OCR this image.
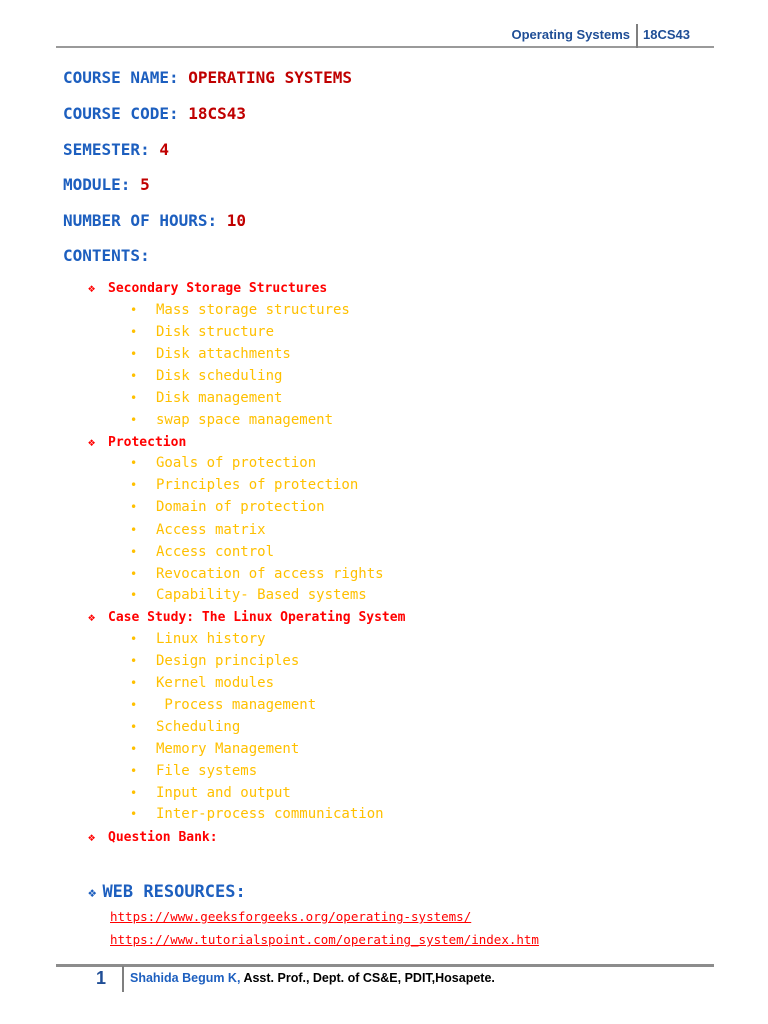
Operating Systems 18CS43
COURSE NAME: OPERATING SYSTEMS
COURSE CODE: 18CS43
SEMESTER: 4
MODULE: 5
NUMBER OF HOURS: 10
CONTENTS:
❖ Secondary Storage Structures
• Mass storage structures
• Disk structure
• Disk attachments
• Disk scheduling
• Disk management
• swap space management
❖ Protection
• Goals of protection
• Principles of protection
• Domain of protection
• Access matrix
• Access control
• Revocation of access rights
• Capability- Based systems
❖ Case Study: The Linux Operating System
• Linux history
• Design principles
• Kernel modules
• Process management
• Scheduling
• Memory Management
• File systems
• Input and output
• Inter-process communication
❖ Question Bank:
❖ WEB RESOURCES:
https://www.geeksforgeeks.org/operating-systems/
https://www.tutorialspoint.com/operating_system/index.htm
1 Shahida Begum K, Asst. Prof., Dept. of CS&E, PDIT,Hosapete.
